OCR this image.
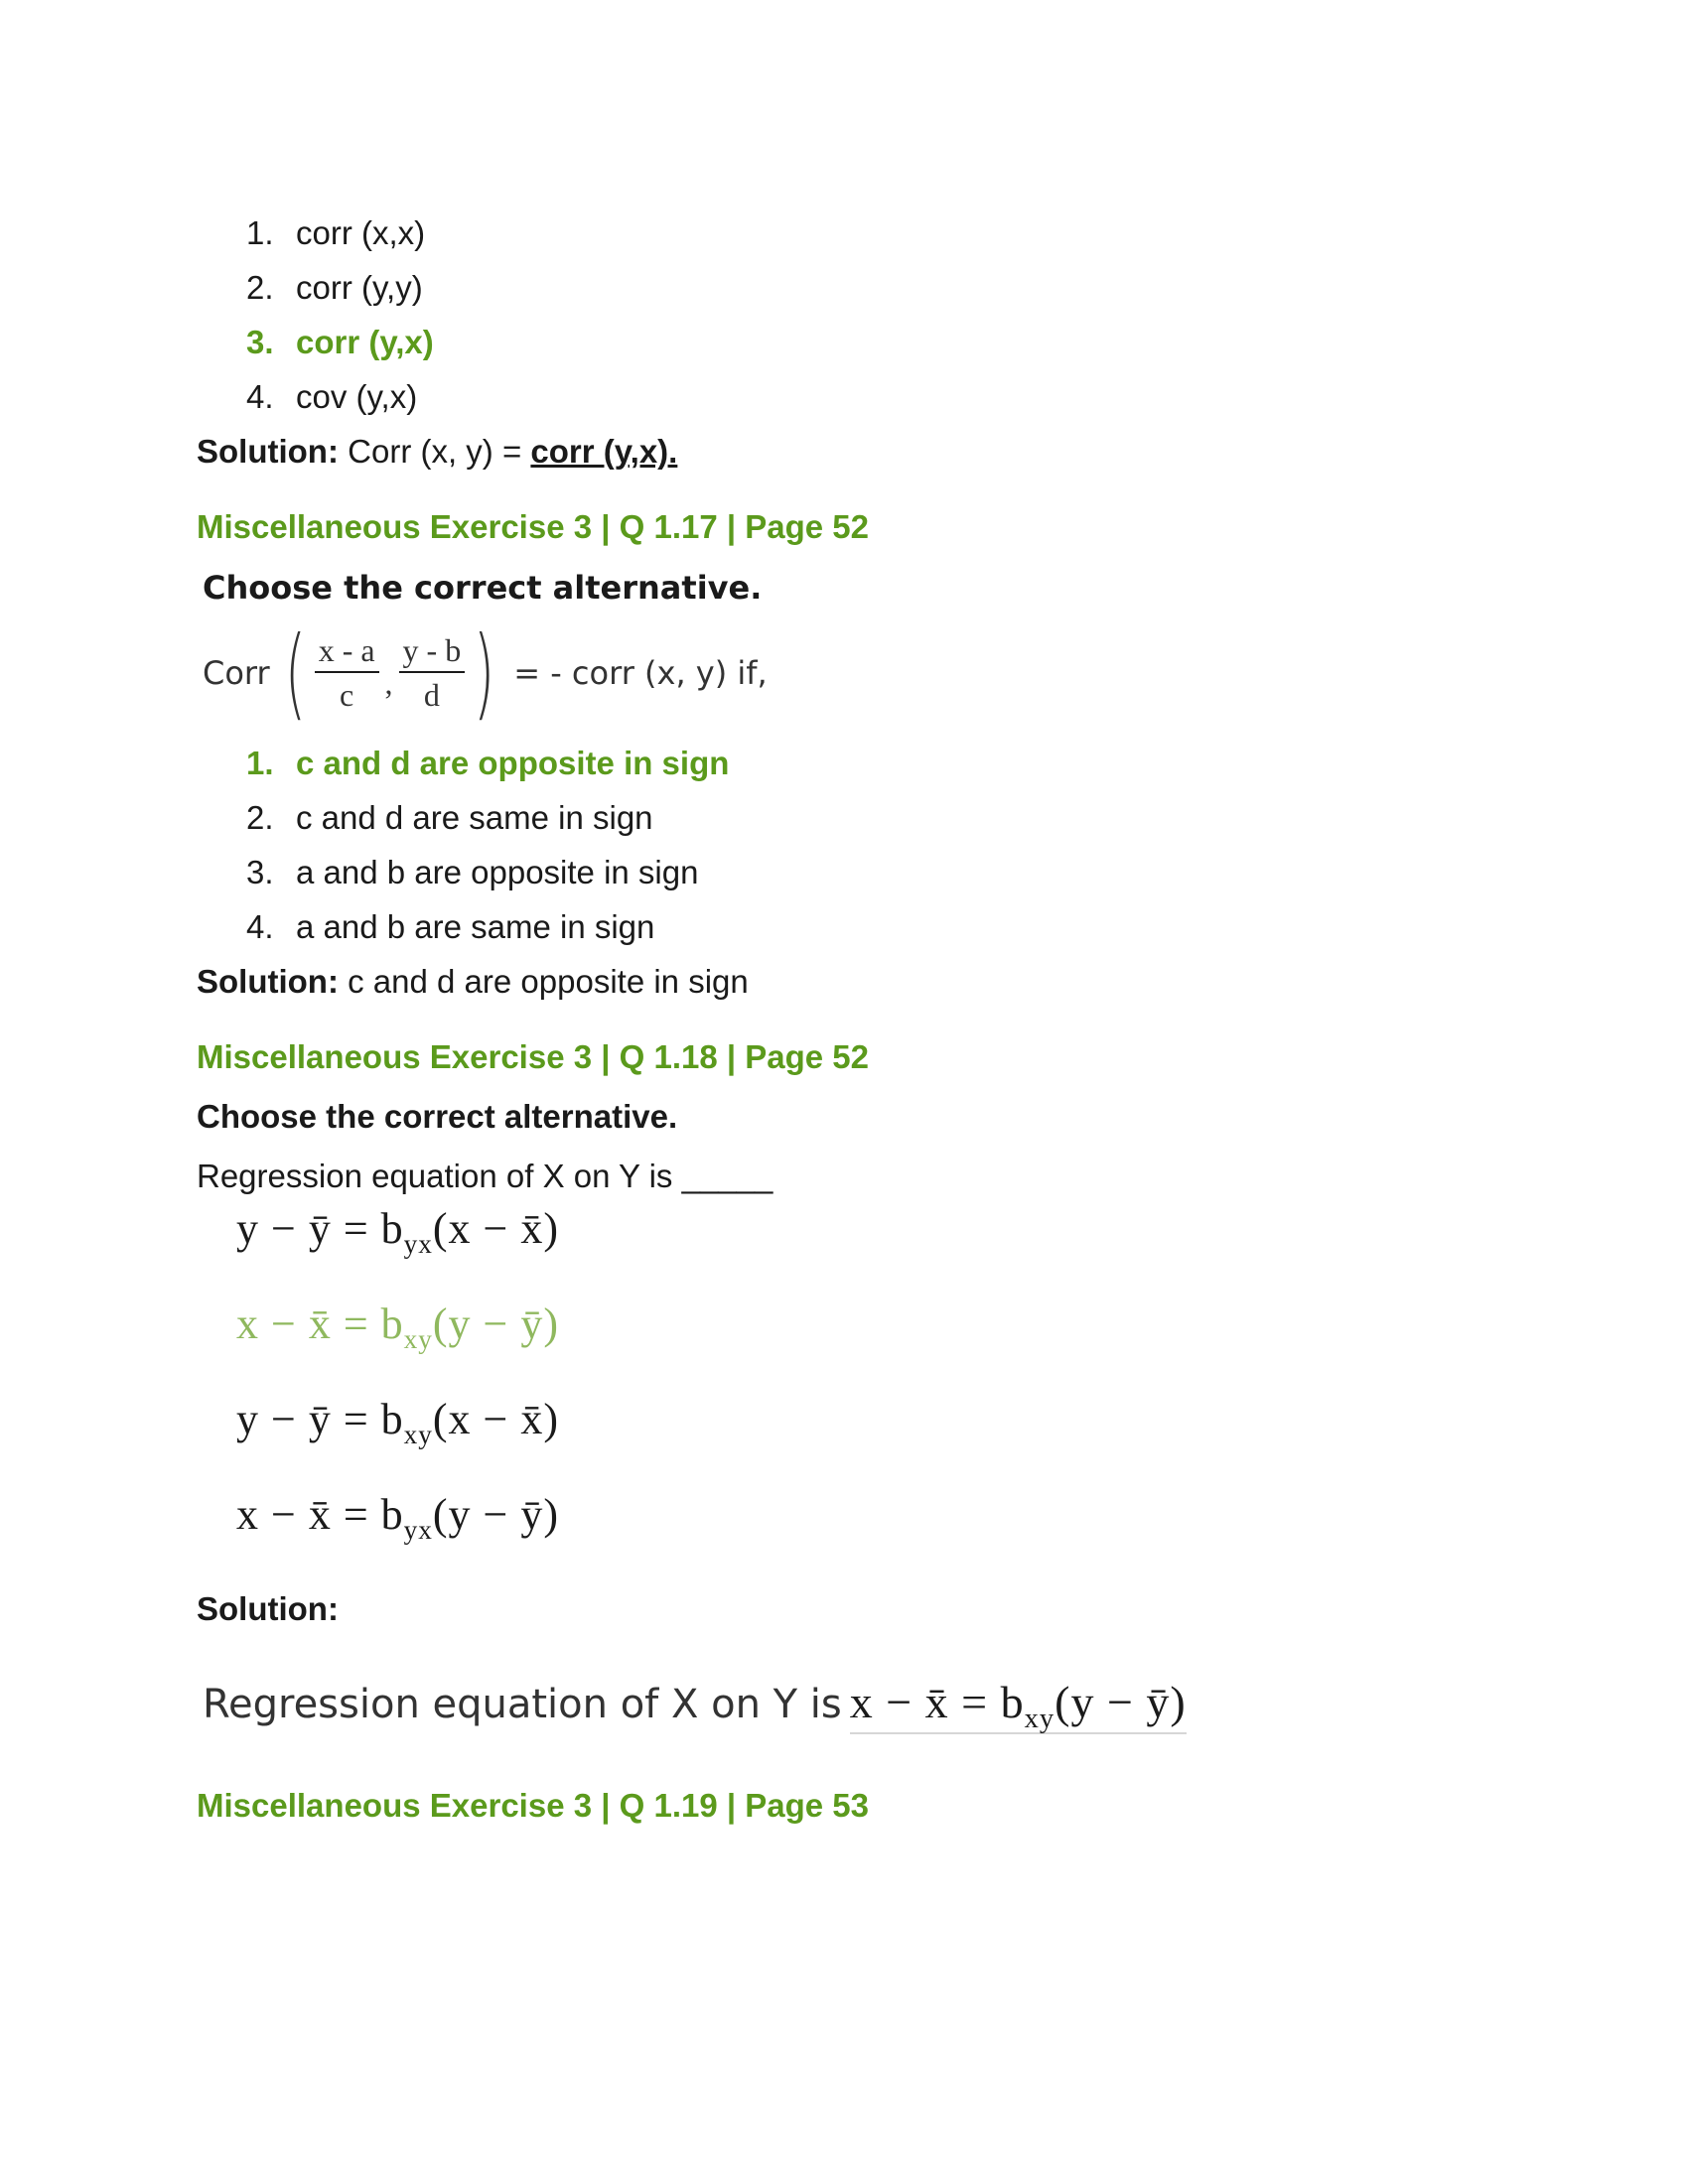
1. corr (x,x)
2. corr (y,y)
3. corr (y,x)
4. cov (y,x)
Solution: Corr (x, y) = corr (y,x).
Miscellaneous Exercise 3 | Q 1.17 | Page 52
Choose the correct alternative.
Corr ( $\frac{x - a}{c}$ , $\frac{y - b}{d}$ ) = - corr (x, y) if,
1. c and d are opposite in sign
2. c and d are same in sign
3. a and b are opposite in sign
4. a and b are same in sign
Solution: c and d are opposite in sign
Miscellaneous Exercise 3 | Q 1.18 | Page 52
Choose the correct alternative.
Regression equation of X on Y is _____
y − ȳ = $b_{yx}(x$ − x̄)
x − x̄ = $b_{xy}(y$ − ȳ)
y − ȳ = $b_{xy}(x$ − x̄)
x − x̄ = $b_{yx}(y$ − ȳ)
Solution:
Regression equation of X on Y is x − x̄ = $b_{xy}(y$ − ȳ)
Miscellaneous Exercise 3 | Q 1.19 | Page 53
